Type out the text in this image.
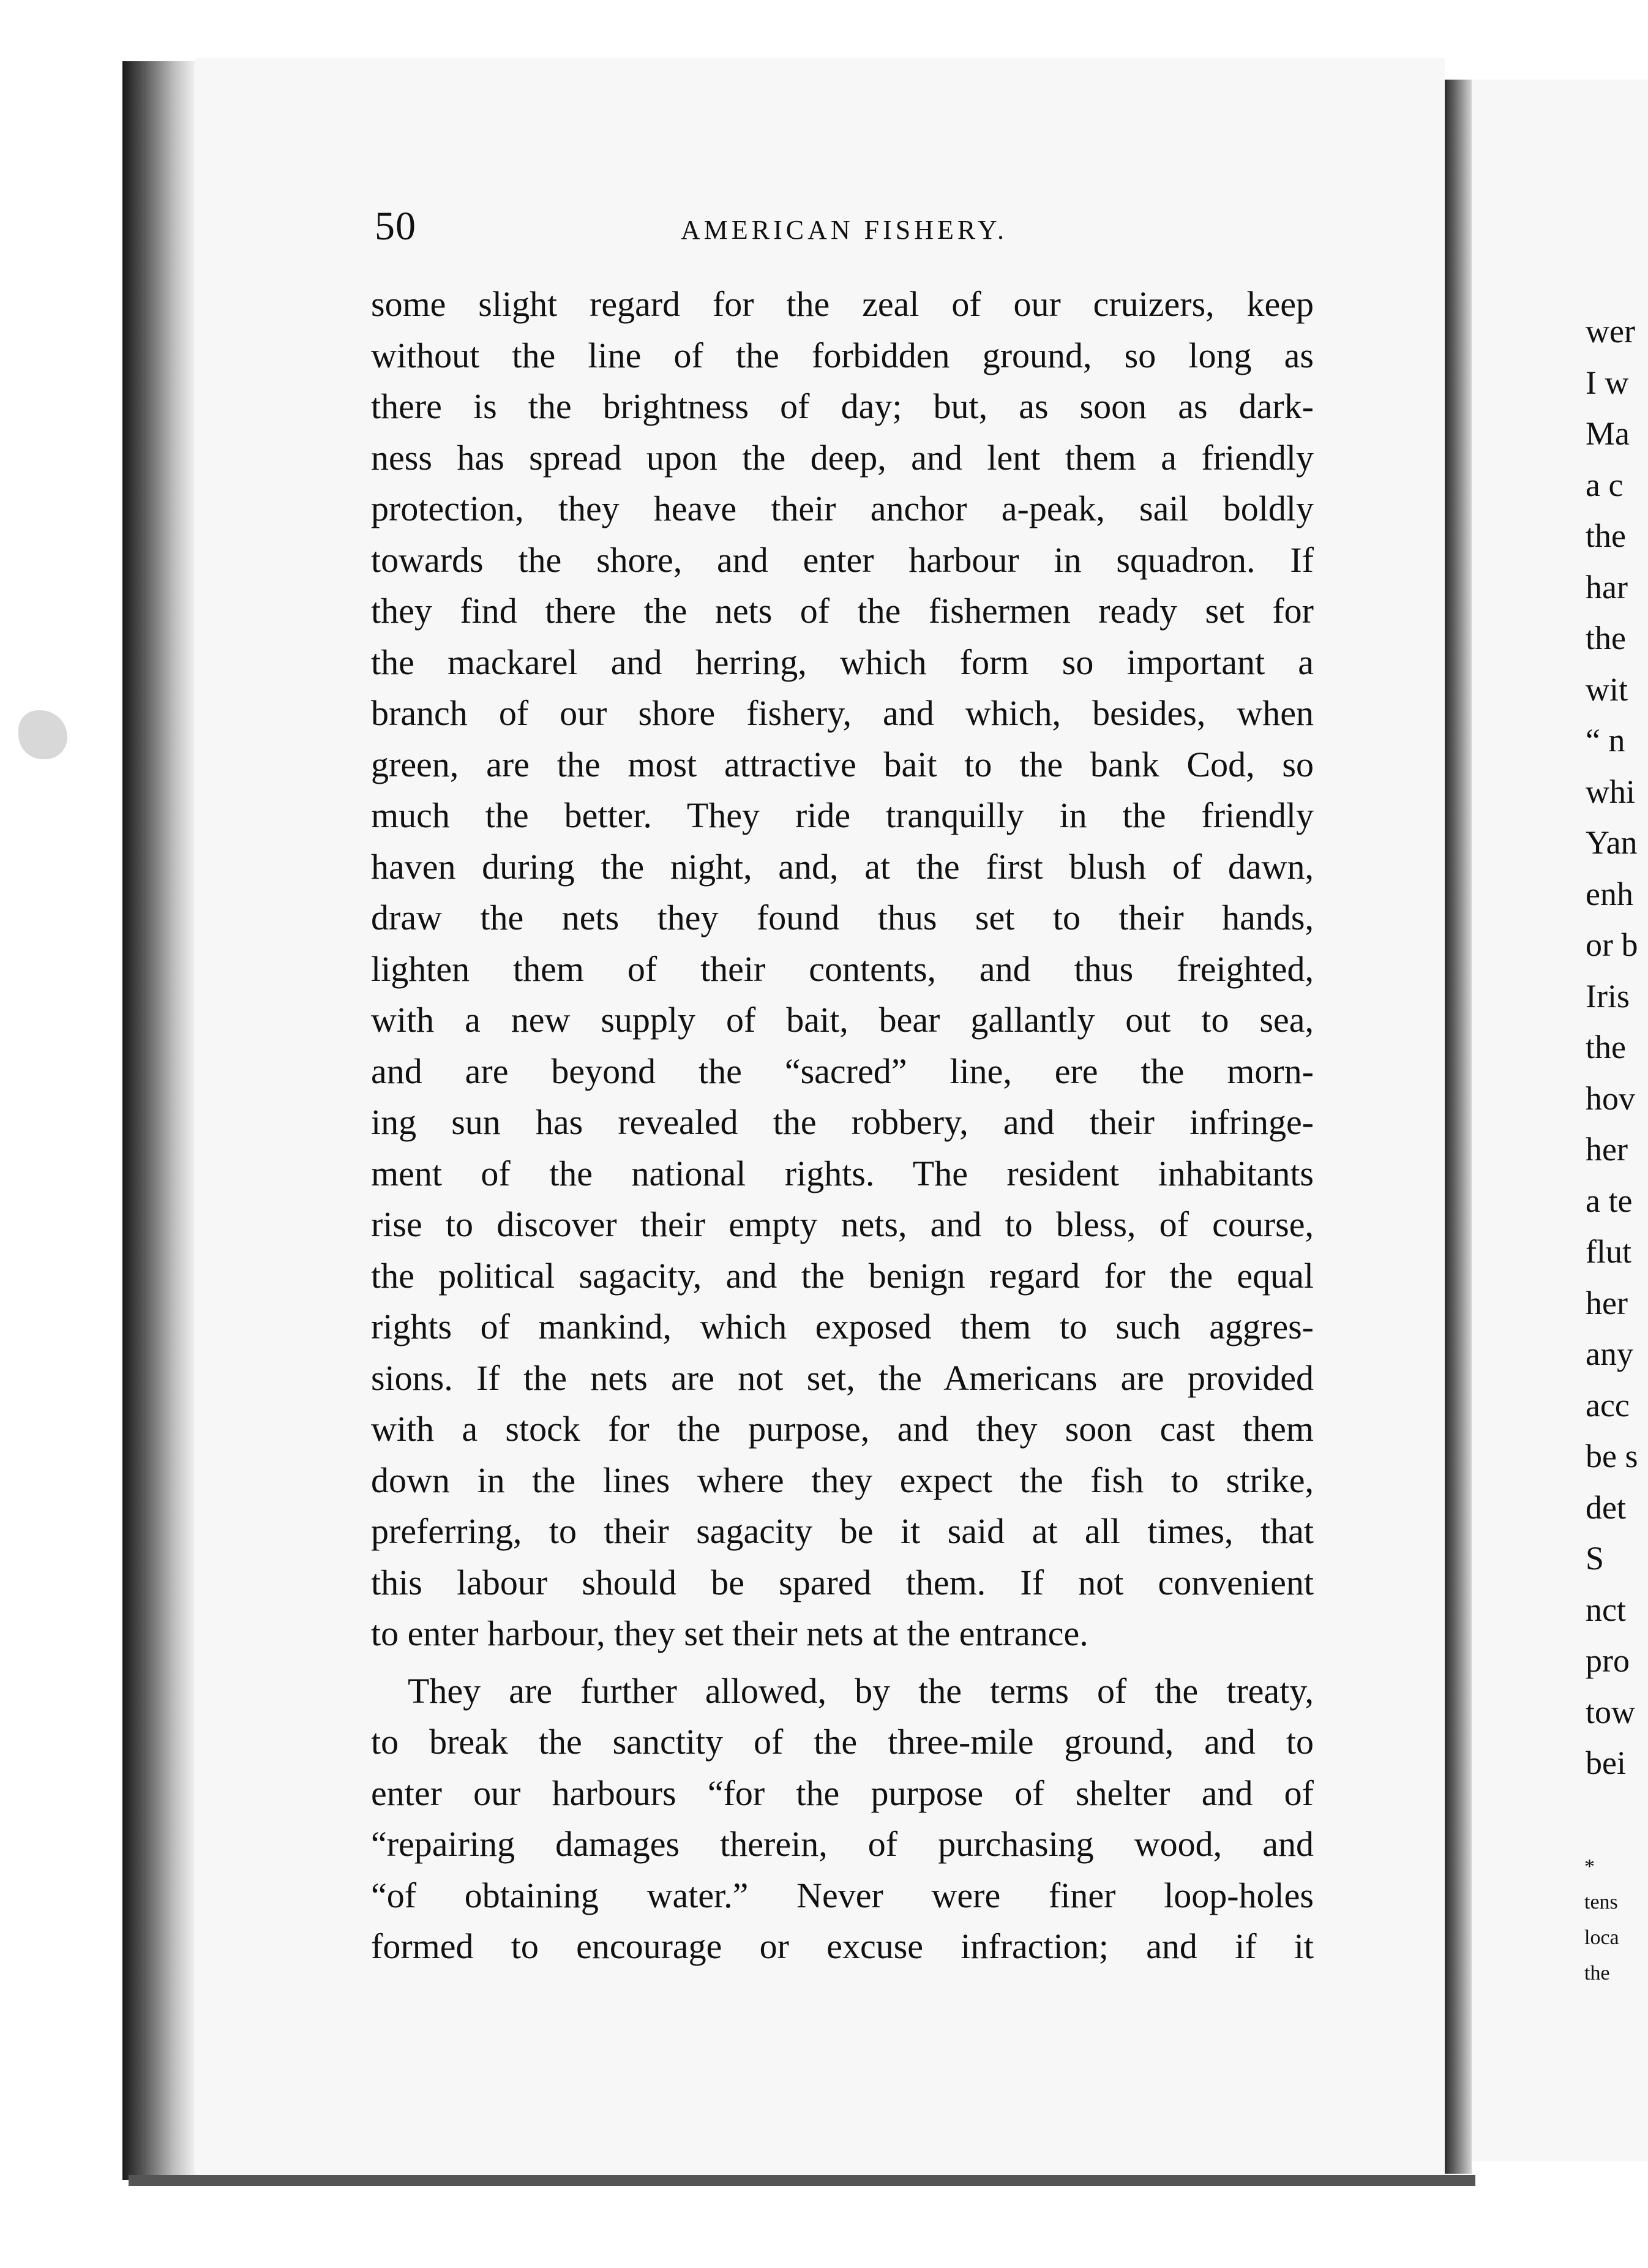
50	AMERICAN FISHERY.
some slight regard for the zeal of our cruizers, keep
without the line of the forbidden ground, so long as
there is the brightness of day; but, as soon as dark-
ness has spread upon the deep, and lent them a friendly
protection, they heave their anchor a-peak, sail boldly
towards the shore, and enter harbour in squadron. If
they find there the nets of the fishermen ready set for
the mackarel and herring, which form so important a
branch of our shore fishery, and which, besides, when
green, are the most attractive bait to the bank Cod, so
much the better. They ride tranquilly in the friendly
haven during the night, and, at the first blush of dawn,
draw the nets they found thus set to their hands,
lighten them of their contents, and thus freighted,
with a new supply of bait, bear gallantly out to sea,
and are beyond the “sacred” line, ere the morn-
ing sun has revealed the robbery, and their infringe-
ment of the national rights. The resident inhabitants
rise to discover their empty nets, and to bless, of course,
the political sagacity, and the benign regard for the equal
rights of mankind, which exposed them to such aggres-
sions. If the nets are not set, the Americans are provided
with a stock for the purpose, and they soon cast them
down in the lines where they expect the fish to strike,
preferring, to their sagacity be it said at all times, that
this labour should be spared them. If not convenient
to enter harbour, they set their nets at the entrance.
They are further allowed, by the terms of the treaty,
to break the sanctity of the three-mile ground, and to
enter our harbours “for the purpose of shelter and of
“repairing damages therein, of purchasing wood, and
“of obtaining water.” Never were finer loop-holes
formed to encourage or excuse infraction; and if it
wer
I w
Ma
a c
the
har
the
wit
“ n
whi
Yan
enh
or b
Iris
the
hov
her
a te
flut
her
any
acc
be s
det
S
nct
pro
tow
bei
*
tens
loca
the
